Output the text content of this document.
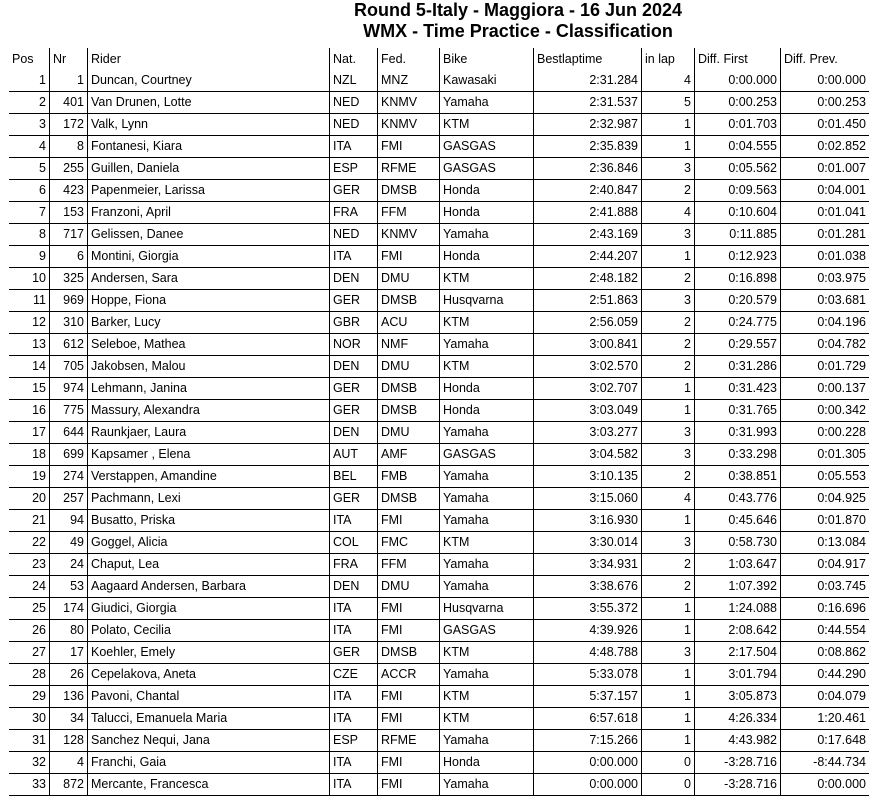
Round 5-Italy - Maggiora - 16 Jun 2024
WMX - Time Practice - Classification
Pos	Nr	Rider	Nat.	Fed.	Bike	Bestlaptime	in lap	Diff. First	Diff. Prev.
1	1	Duncan, Courtney	NZL	MNZ	Kawasaki	2:31.284	4	0:00.000	0:00.000
2	401	Van Drunen, Lotte	NED	KNMV	Yamaha	2:31.537	5	0:00.253	0:00.253
3	172	Valk, Lynn	NED	KNMV	KTM	2:32.987	1	0:01.703	0:01.450
4	8	Fontanesi, Kiara	ITA	FMI	GASGAS	2:35.839	1	0:04.555	0:02.852
5	255	Guillen, Daniela	ESP	RFME	GASGAS	2:36.846	3	0:05.562	0:01.007
6	423	Papenmeier, Larissa	GER	DMSB	Honda	2:40.847	2	0:09.563	0:04.001
7	153	Franzoni, April	FRA	FFM	Honda	2:41.888	4	0:10.604	0:01.041
8	717	Gelissen, Danee	NED	KNMV	Yamaha	2:43.169	3	0:11.885	0:01.281
9	6	Montini, Giorgia	ITA	FMI	Honda	2:44.207	1	0:12.923	0:01.038
10	325	Andersen, Sara	DEN	DMU	KTM	2:48.182	2	0:16.898	0:03.975
11	969	Hoppe, Fiona	GER	DMSB	Husqvarna	2:51.863	3	0:20.579	0:03.681
12	310	Barker, Lucy	GBR	ACU	KTM	2:56.059	2	0:24.775	0:04.196
13	612	Seleboe, Mathea	NOR	NMF	Yamaha	3:00.841	2	0:29.557	0:04.782
14	705	Jakobsen, Malou	DEN	DMU	KTM	3:02.570	2	0:31.286	0:01.729
15	974	Lehmann, Janina	GER	DMSB	Honda	3:02.707	1	0:31.423	0:00.137
16	775	Massury, Alexandra	GER	DMSB	Honda	3:03.049	1	0:31.765	0:00.342
17	644	Raunkjaer, Laura	DEN	DMU	Yamaha	3:03.277	3	0:31.993	0:00.228
18	699	Kapsamer , Elena	AUT	AMF	GASGAS	3:04.582	3	0:33.298	0:01.305
19	274	Verstappen, Amandine	BEL	FMB	Yamaha	3:10.135	2	0:38.851	0:05.553
20	257	Pachmann, Lexi	GER	DMSB	Yamaha	3:15.060	4	0:43.776	0:04.925
21	94	Busatto, Priska	ITA	FMI	Yamaha	3:16.930	1	0:45.646	0:01.870
22	49	Goggel, Alicia	COL	FMC	KTM	3:30.014	3	0:58.730	0:13.084
23	24	Chaput, Lea	FRA	FFM	Yamaha	3:34.931	2	1:03.647	0:04.917
24	53	Aagaard Andersen, Barbara	DEN	DMU	Yamaha	3:38.676	2	1:07.392	0:03.745
25	174	Giudici, Giorgia	ITA	FMI	Husqvarna	3:55.372	1	1:24.088	0:16.696
26	80	Polato, Cecilia	ITA	FMI	GASGAS	4:39.926	1	2:08.642	0:44.554
27	17	Koehler, Emely	GER	DMSB	KTM	4:48.788	3	2:17.504	0:08.862
28	26	Cepelakova, Aneta	CZE	ACCR	Yamaha	5:33.078	1	3:01.794	0:44.290
29	136	Pavoni, Chantal	ITA	FMI	KTM	5:37.157	1	3:05.873	0:04.079
30	34	Talucci, Emanuela Maria	ITA	FMI	KTM	6:57.618	1	4:26.334	1:20.461
31	128	Sanchez Nequi, Jana	ESP	RFME	Yamaha	7:15.266	1	4:43.982	0:17.648
32	4	Franchi, Gaia	ITA	FMI	Honda	0:00.000	0	-3:28.716	-8:44.734
33	872	Mercante, Francesca	ITA	FMI	Yamaha	0:00.000	0	-3:28.716	0:00.000
